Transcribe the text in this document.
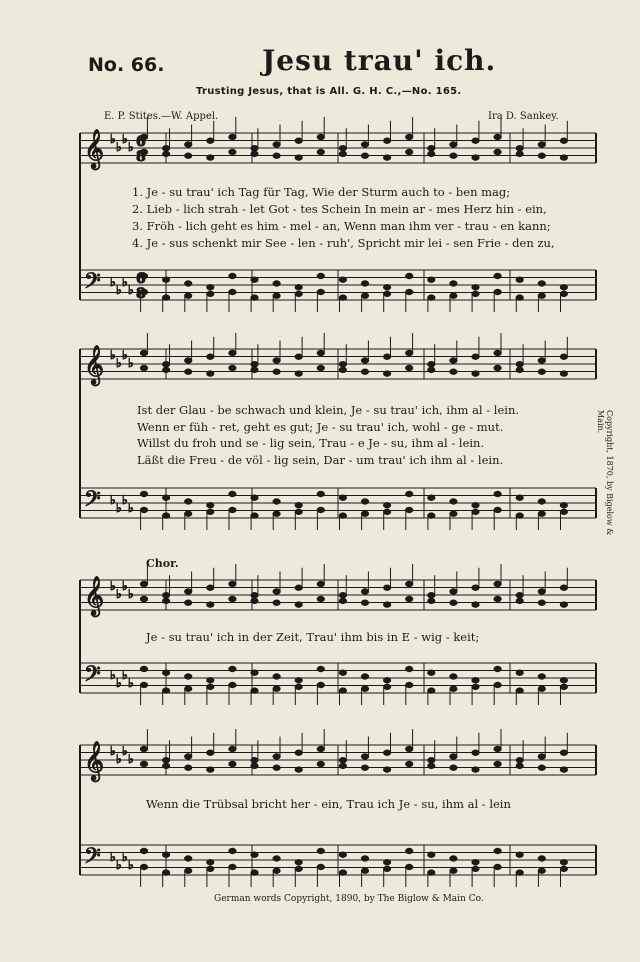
No. 66.	Jesu trau' ich.
Trusting Jesus, that is All. G. H. C.,—No. 165.
E. P. Stites.—W. Appel.	Ira D. Sankey.
𝄞
𝄢
♭
♭
♭
♭
♭
♭
♭
♭
𝄞
𝄢
♭
♭
♭
♭
♭
♭
♭
♭
𝄞
𝄢
♭
♭
♭
♭
♭
♭
♭
♭
𝄞
𝄢
♭
♭
♭
♭
♭
♭
♭
♭
6
8
6
8
1. Je - su trau' ich Tag für Tag, Wie der Sturm auch to - ben mag;
2. Lieb - lich strah - let Got - tes Schein In mein ar - mes Herz hin - ein,
3. Fröh - lich geht es him - mel - an, Wenn man ihm ver - trau - en kann;
4. Je - sus schenkt mir See - len - ruh', Spricht mir lei - sen Frie - den zu,
Ist der Glau - be schwach und klein, Je - su trau' ich, ihm al - lein.
Wenn er füh - ret, geht es gut; Je - su trau' ich, wohl - ge - mut.
Willst du froh und se - lig sein, Trau - e Je - su, ihm al - lein.
Läßt die Freu - de völ - lig sein, Dar - um trau' ich ihm al - lein.
Chor.
Je - su trau' ich in der Zeit, Trau' ihm bis in E - wig - keit;
Wenn die Trübsal bricht her - ein, Trau ich Je - su, ihm al - lein
Copyright, 1870, by Bigelow & Main.
German words Copyright, 1890, by The Biglow & Main Co.
